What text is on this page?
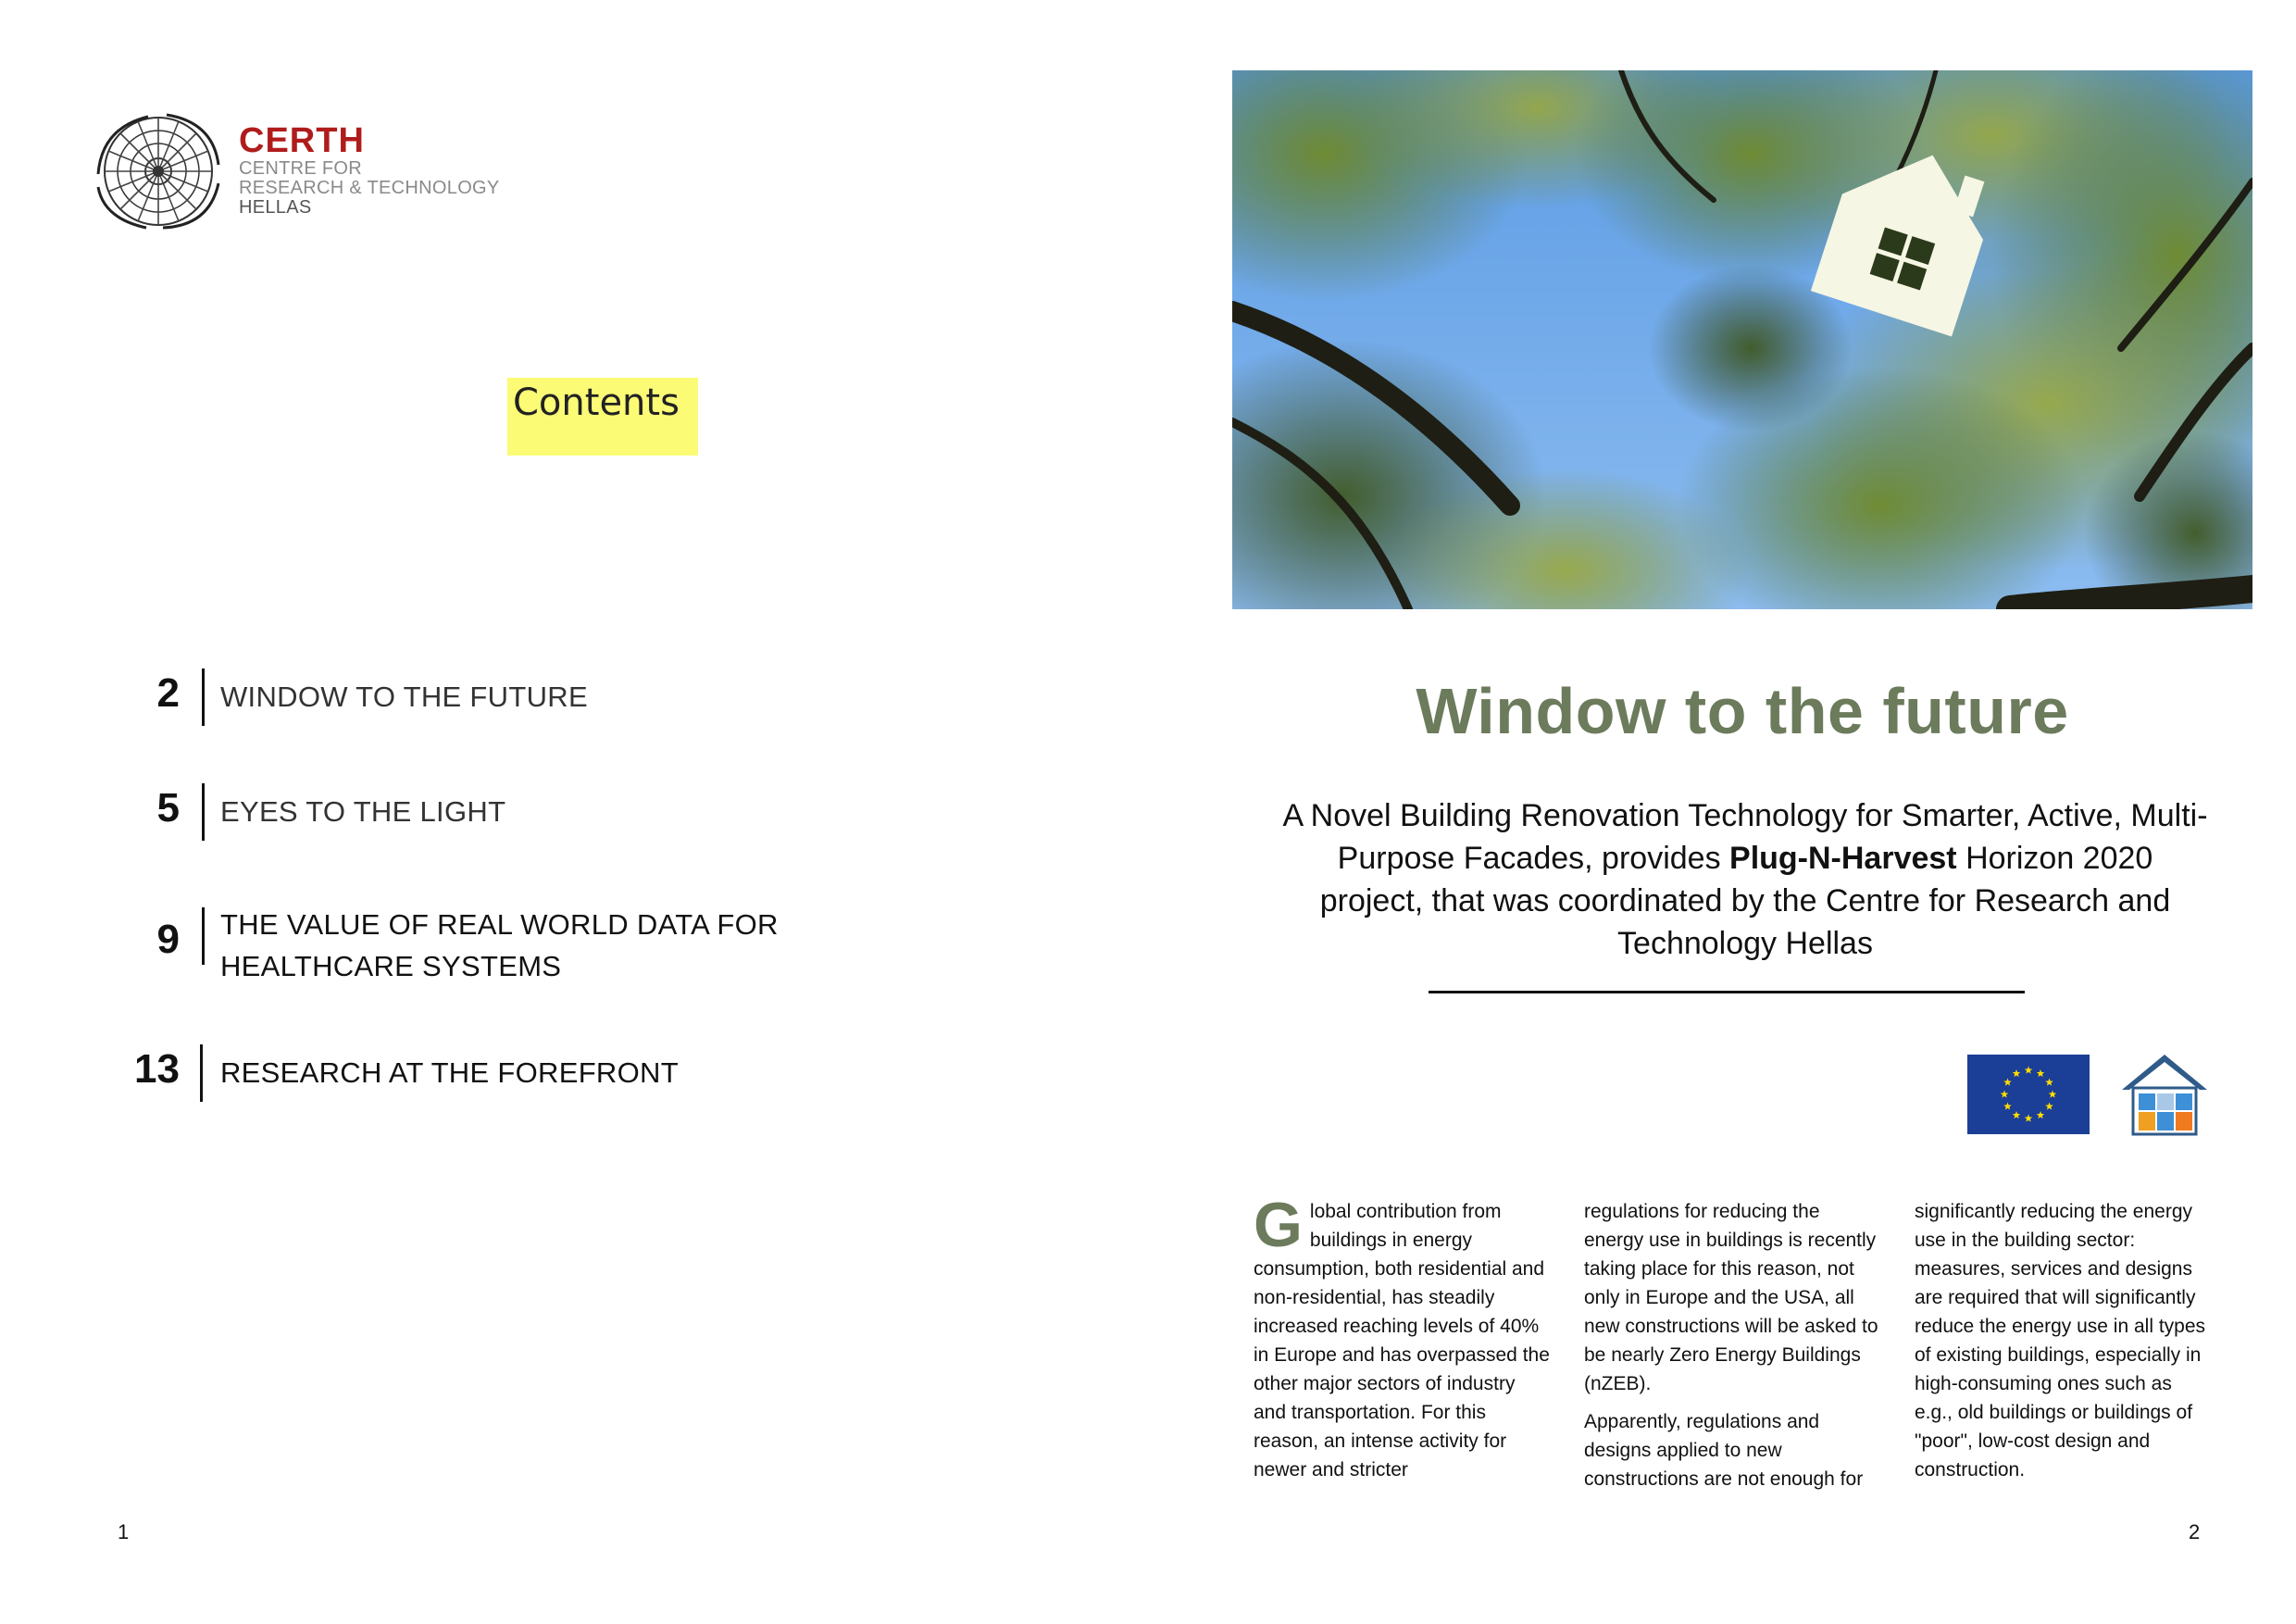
CERTH
CENTRE FOR
RESEARCH & TECHNOLOGY
HELLAS
Contents
2 WINDOW TO THE FUTURE
5 EYES TO THE LIGHT
9 THE VALUE OF REAL WORLD DATA FOR HEALTHCARE SYSTEMS
13 RESEARCH AT THE FOREFRONT
1
Window to the future
A Novel Building Renovation Technology for Smarter, Active, Multi-Purpose Facades, provides Plug-N-Harvest Horizon 2020 project, that was coordinated by the Centre for Research and Technology Hellas
G lobal contribution from buildings in energy consumption, both residential and non-residential, has steadily increased reaching levels of 40% in Europe and has overpassed the other major sectors of industry and transportation. For this reason, an intense activity for newer and stricter

regulations for reducing the energy use in buildings is recently taking place for this reason, not only in Europe and the USA, all new constructions will be asked to be nearly Zero Energy Buildings (nZEB).

Apparently, regulations and designs applied to new constructions are not enough for

significantly reducing the energy use in the building sector: measures, services and designs are required that will significantly reduce the energy use in all types of existing buildings, especially in high-consuming ones such as e.g., old buildings or buildings of "poor", low-cost design and construction.
2
